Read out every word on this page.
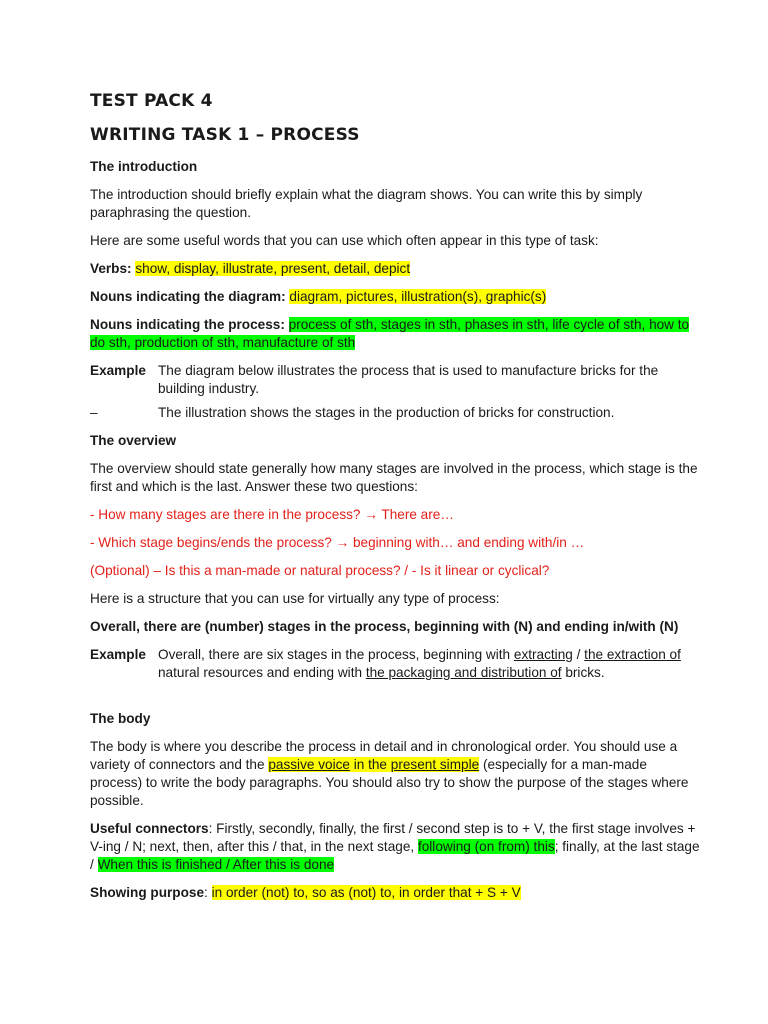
TEST PACK 4
WRITING TASK 1 – PROCESS
The introduction

The introduction should briefly explain what the diagram shows. You can write this by simply paraphrasing the question.

Here are some useful words that you can use which often appear in this type of task:

Verbs: show, display, illustrate, present, detail, depict

Nouns indicating the diagram: diagram, pictures, illustration(s), graphic(s)

Nouns indicating the process: process of sth, stages in sth, phases in sth, life cycle of sth, how to do sth, production of sth, manufacture of sth

Example The diagram below illustrates the process that is used to manufacture bricks for the building industry.
–	The illustration shows the stages in the production of bricks for construction.
The overview

The overview should state generally how many stages are involved in the process, which stage is the first and which is the last. Answer these two questions:

- How many stages are there in the process? → There are…

- Which stage begins/ends the process? → beginning with… and ending with/in …

(Optional) – Is this a man-made or natural process? / - Is it linear or cyclical?

Here is a structure that you can use for virtually any type of process:

Overall, there are (number) stages in the process, beginning with (N) and ending in/with (N)

Example Overall, there are six stages in the process, beginning with extracting / the extraction of natural resources and ending with the packaging and distribution of bricks.
The body

The body is where you describe the process in detail and in chronological order. You should use a variety of connectors and the passive voice in the present simple (especially for a man-made process) to write the body paragraphs. You should also try to show the purpose of the stages where possible.

Useful connectors: Firstly, secondly, finally, the first / second step is to + V, the first stage involves + V-ing / N; next, then, after this / that, in the next stage, following (on from) this; finally, at the last stage / When this is finished / After this is done

Showing purpose: in order (not) to, so as (not) to, in order that + S + V
